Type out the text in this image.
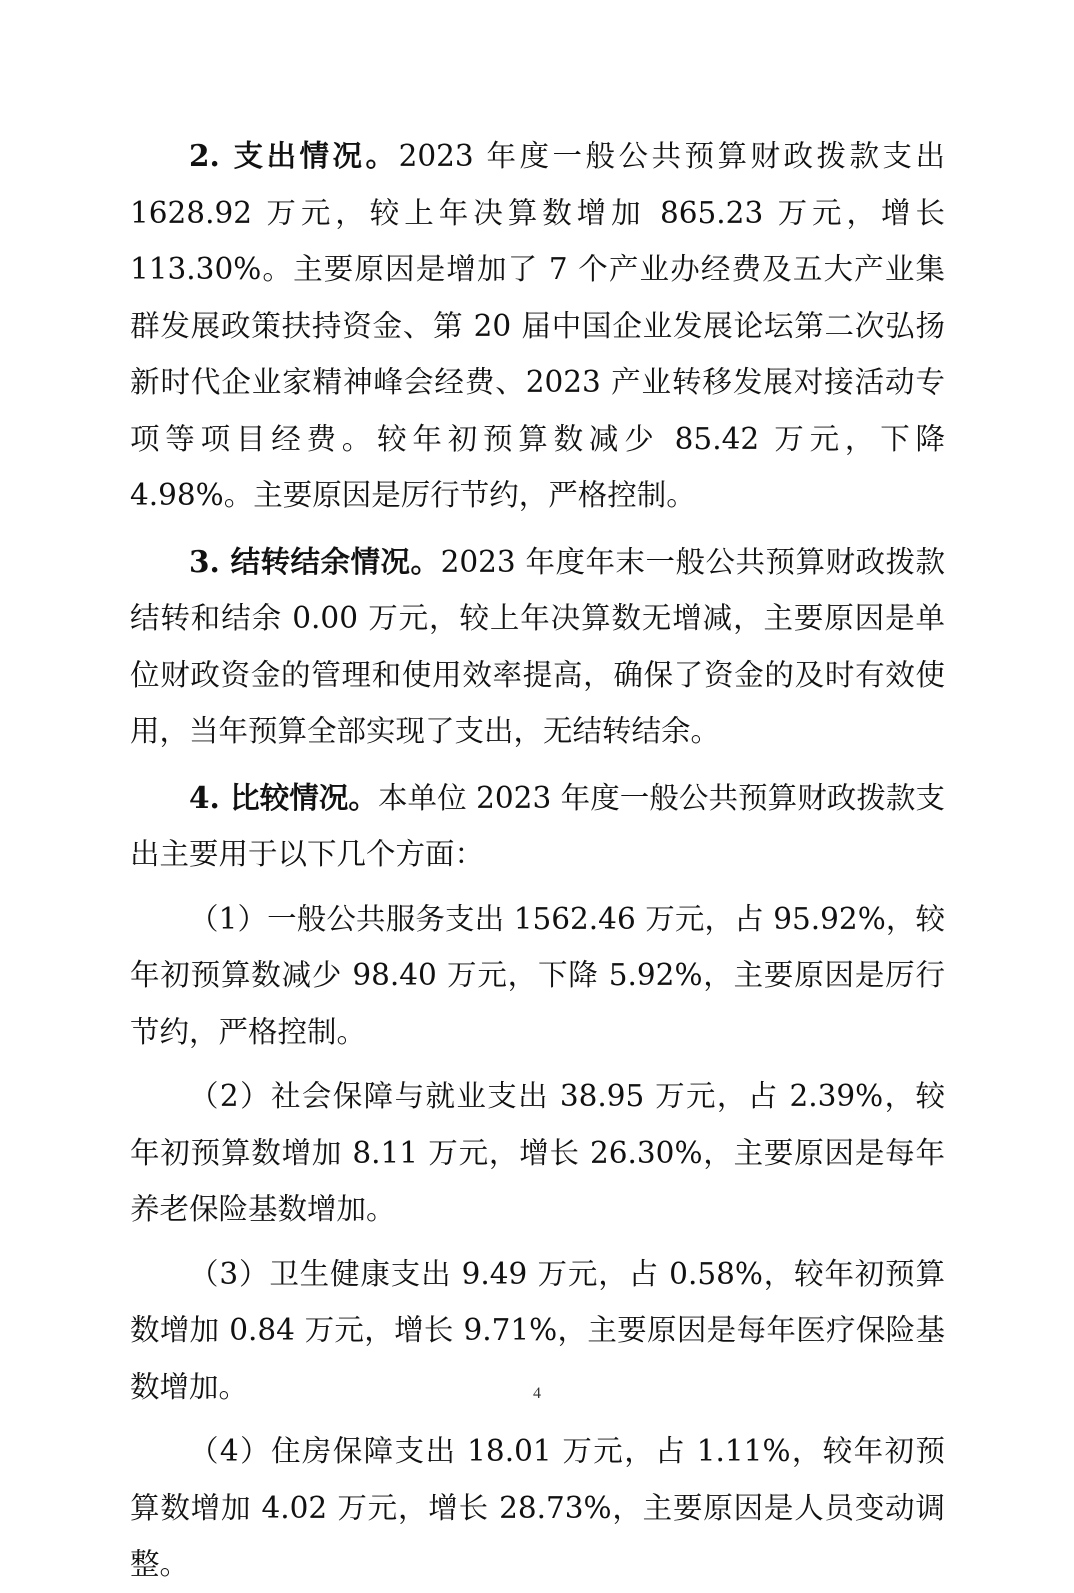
2. 支出情况。2023 年度一般公共预算财政拨款支出 1628.92 万元，较上年决算数增加 865.23 万元，增长 113.30%。主要原因是增加了 7 个产业办经费及五大产业集群发展政策扶持资金、第 20 届中国企业发展论坛第二次弘扬新时代企业家精神峰会经费、2023 产业转移发展对接活动专项等项目经费。较年初预算数减少 85.42 万元，下降 4.98%。主要原因是厉行节约，严格控制。

3. 结转结余情况。2023 年度年末一般公共预算财政拨款结转和结余 0.00 万元，较上年决算数无增减，主要原因是单位财政资金的管理和使用效率提高，确保了资金的及时有效使用，当年预算全部实现了支出，无结转结余。

4. 比较情况。本单位 2023 年度一般公共预算财政拨款支出主要用于以下几个方面：

（1）一般公共服务支出 1562.46 万元，占 95.92%，较年初预算数减少 98.40 万元，下降 5.92%，主要原因是厉行节约，严格控制。

（2）社会保障与就业支出 38.95 万元，占 2.39%，较年初预算数增加 8.11 万元，增长 26.30%，主要原因是每年养老保险基数增加。

（3）卫生健康支出 9.49 万元，占 0.58%，较年初预算数增加 0.84 万元，增长 9.71%，主要原因是每年医疗保险基数增加。

（4）住房保障支出 18.01 万元，占 1.11%，较年初预算数增加 4.02 万元，增长 28.73%，主要原因是人员变动调整。

4
